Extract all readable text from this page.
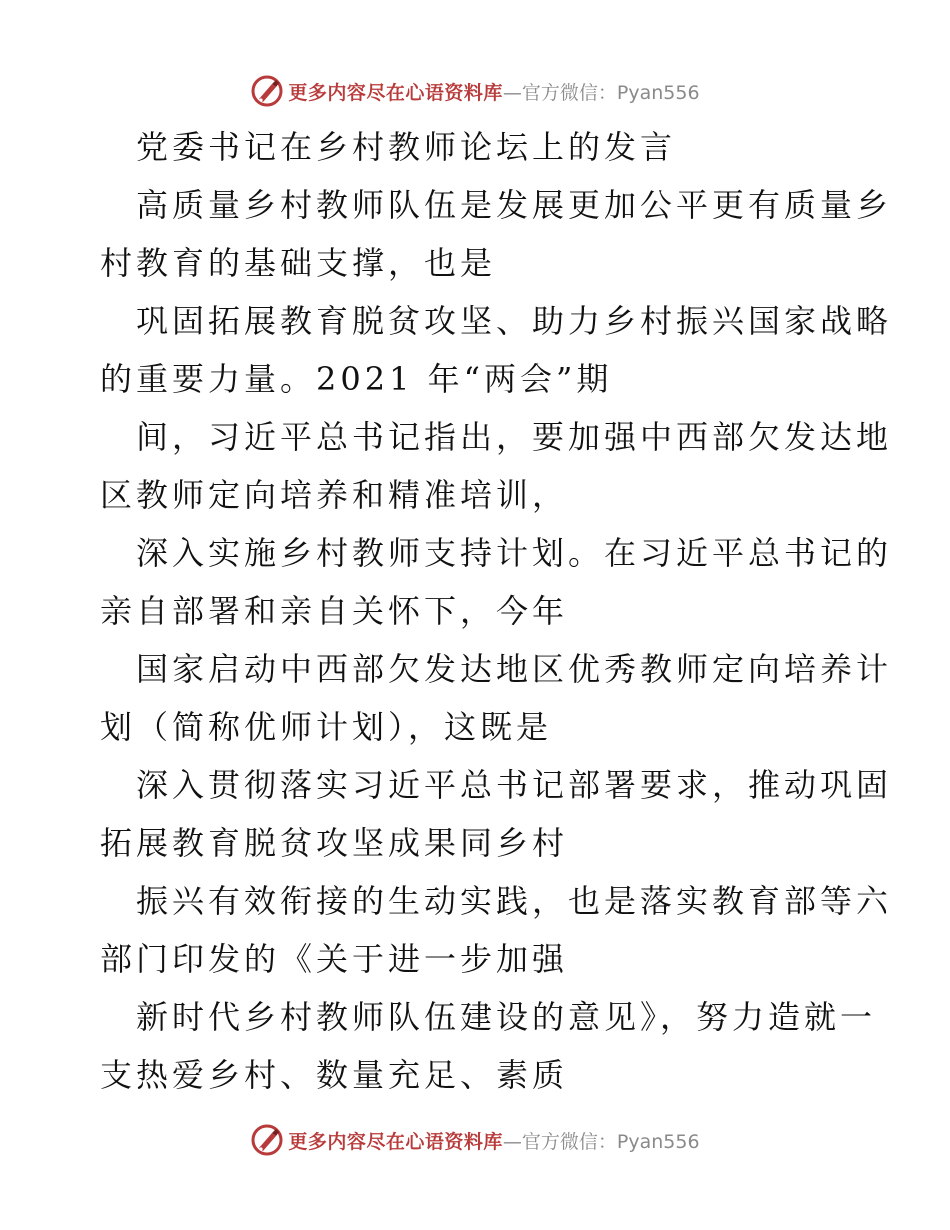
更多内容尽在心语资料库 —官方微信：Pyan556
党委书记在乡村教师论坛上的发言
高质量乡村教师队伍是发展更加公平更有质量乡
村教育的基础支撑，也是
巩固拓展教育脱贫攻坚、助力乡村振兴国家战略
的重要力量。2021 年“两会”期
间，习近平总书记指出，要加强中西部欠发达地
区教师定向培养和精准培训，
深入实施乡村教师支持计划。在习近平总书记的
亲自部署和亲自关怀下，今年
国家启动中西部欠发达地区优秀教师定向培养计
划（简称优师计划），这既是
深入贯彻落实习近平总书记部署要求，推动巩固
拓展教育脱贫攻坚成果同乡村
振兴有效衔接的生动实践，也是落实教育部等六
部门印发的《关于进一步加强
新时代乡村教师队伍建设的意见》，努力造就一
支热爱乡村、数量充足、素质
更多内容尽在心语资料库 —官方微信：Pyan556
